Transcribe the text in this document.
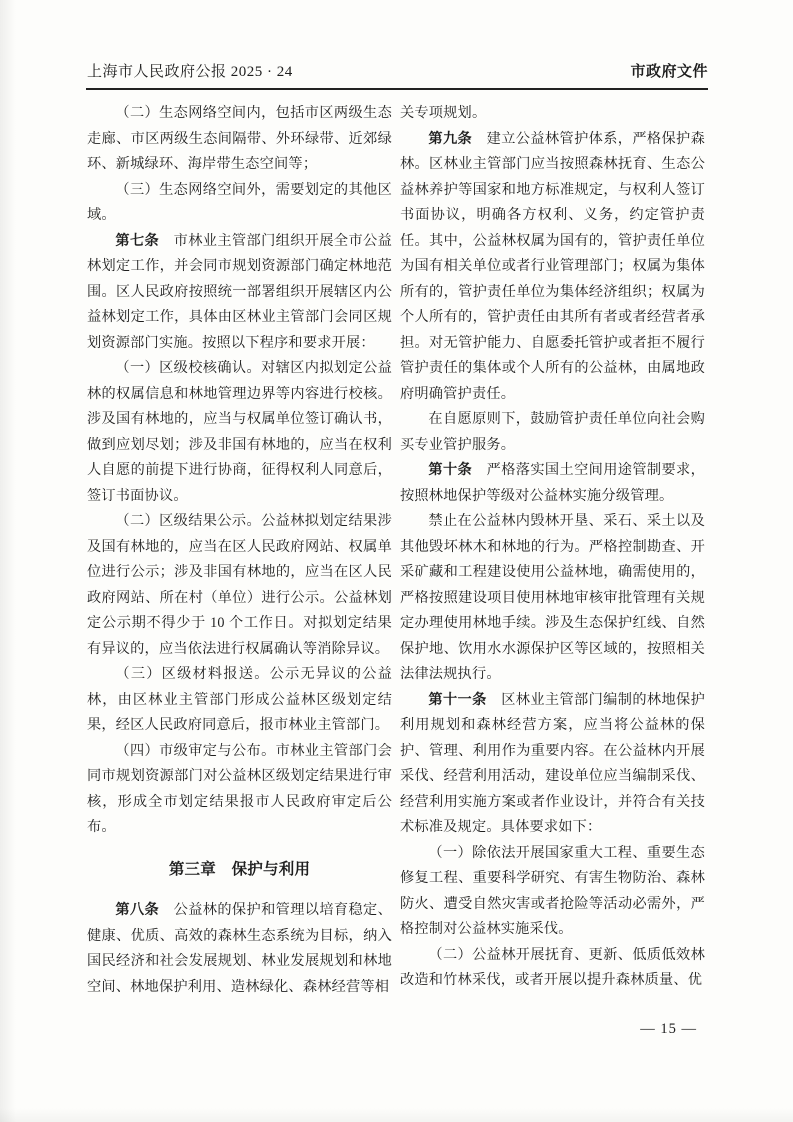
上海市人民政府公报 2025 · 24	市政府文件

（二）生态网络空间内，包括市区两级生态走廊、市区两级生态间隔带、外环绿带、近郊绿环、新城绿环、海岸带生态空间等；

（三）生态网络空间外，需要划定的其他区域。

第七条　市林业主管部门组织开展全市公益林划定工作，并会同市规划资源部门确定林地范围。区人民政府按照统一部署组织开展辖区内公益林划定工作，具体由区林业主管部门会同区规划资源部门实施。按照以下程序和要求开展：

（一）区级校核确认。对辖区内拟划定公益林的权属信息和林地管理边界等内容进行校核。涉及国有林地的，应当与权属单位签订确认书，做到应划尽划；涉及非国有林地的，应当在权利人自愿的前提下进行协商，征得权利人同意后，签订书面协议。

（二）区级结果公示。公益林拟划定结果涉及国有林地的，应当在区人民政府网站、权属单位进行公示；涉及非国有林地的，应当在区人民政府网站、所在村（单位）进行公示。公益林划定公示期不得少于 10 个工作日。对拟划定结果有异议的，应当依法进行权属确认等消除异议。

（三）区级材料报送。公示无异议的公益林，由区林业主管部门形成公益林区级划定结果，经区人民政府同意后，报市林业主管部门。

（四）市级审定与公布。市林业主管部门会同市规划资源部门对公益林区级划定结果进行审核，形成全市划定结果报市人民政府审定后公布。

第三章　保护与利用

第八条　公益林的保护和管理以培育稳定、健康、优质、高效的森林生态系统为目标，纳入国民经济和社会发展规划、林业发展规划和林地空间、林地保护利用、造林绿化、森林经营等相

关专项规划。

第九条　建立公益林管护体系，严格保护森林。区林业主管部门应当按照森林抚育、生态公益林养护等国家和地方标准规定，与权利人签订书面协议，明确各方权利、义务，约定管护责任。其中，公益林权属为国有的，管护责任单位为国有相关单位或者行业管理部门；权属为集体所有的，管护责任单位为集体经济组织；权属为个人所有的，管护责任由其所有者或者经营者承担。对无管护能力、自愿委托管护或者拒不履行管护责任的集体或个人所有的公益林，由属地政府明确管护责任。

在自愿原则下，鼓励管护责任单位向社会购买专业管护服务。

第十条　严格落实国土空间用途管制要求，按照林地保护等级对公益林实施分级管理。

禁止在公益林内毁林开垦、采石、采土以及其他毁坏林木和林地的行为。严格控制勘查、开采矿藏和工程建设使用公益林地，确需使用的，严格按照建设项目使用林地审核审批管理有关规定办理使用林地手续。涉及生态保护红线、自然保护地、饮用水水源保护区等区域的，按照相关法律法规执行。

第十一条　区林业主管部门编制的林地保护利用规划和森林经营方案，应当将公益林的保护、管理、利用作为重要内容。在公益林内开展采伐、经营利用活动，建设单位应当编制采伐、经营利用实施方案或者作业设计，并符合有关技术标准及规定。具体要求如下：

（一）除依法开展国家重大工程、重要生态修复工程、重要科学研究、有害生物防治、森林防火、遭受自然灾害或者抢险等活动必需外，严格控制对公益林实施采伐。

（二）公益林开展抚育、更新、低质低效林改造和竹林采伐，或者开展以提升森林质量、优

— 15 —
